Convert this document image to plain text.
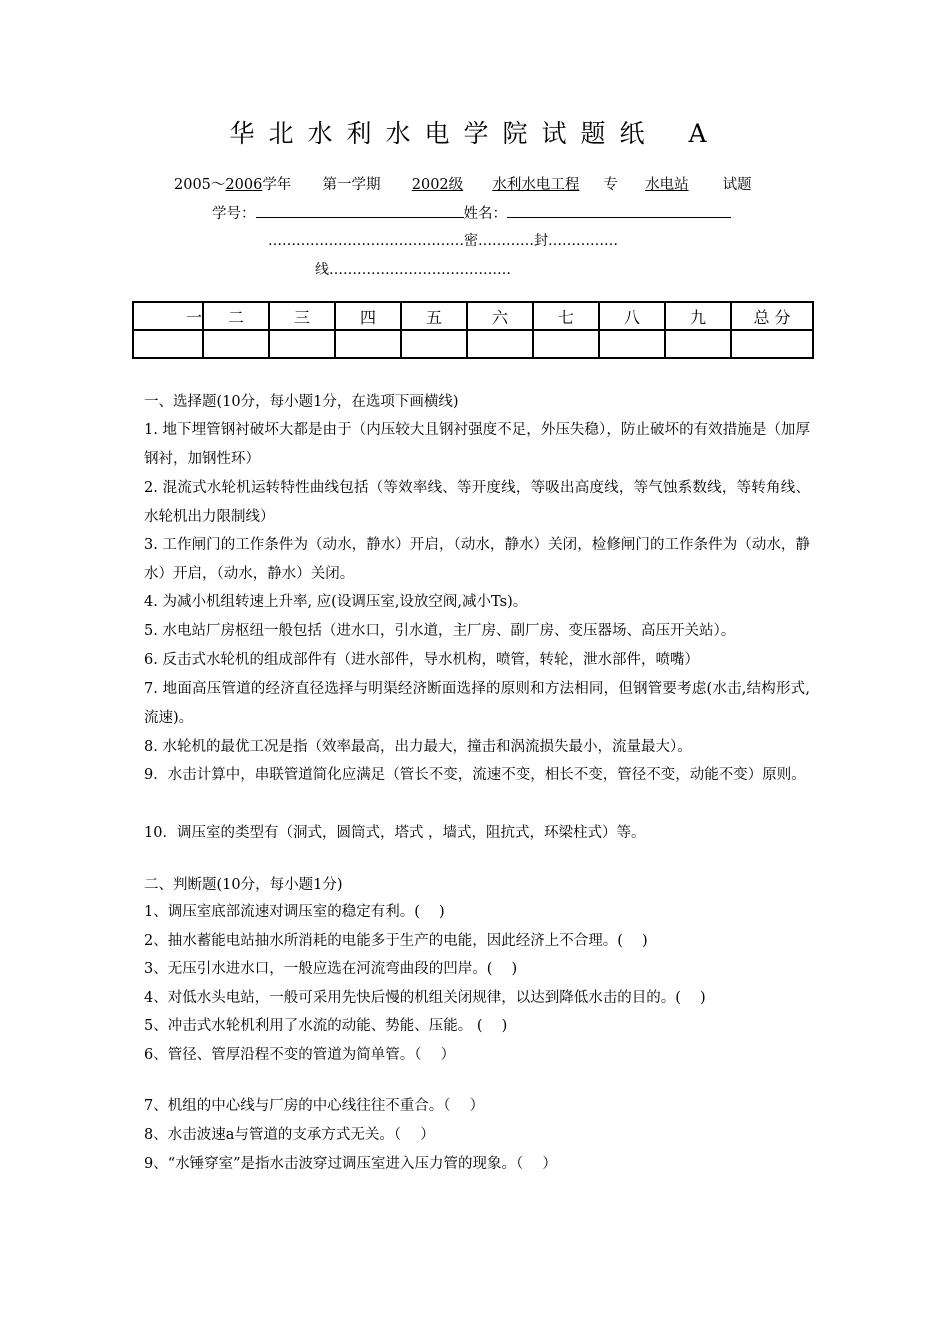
华北水利水电学院试题纸 A
2005～2006学年 第一学期 2002级 水利水电工程 专 水电站 试题
学号：	姓名：
……………………………………密…………封……………
线…………………………………
一	二	三	四	五	六	七	八	九	总 分

一、选择题(10分，每小题1分，在选项下画横线)
1. 地下埋管钢衬破坏大都是由于（内压较大且钢衬强度不足，外压失稳），防止破坏的有效措施是（加厚钢衬，加钢性环）
2. 混流式水轮机运转特性曲线包括（等效率线、等开度线，等吸出高度线，等气蚀系数线，等转角线、水轮机出力限制线）
3. 工作闸门的工作条件为（动水，静水）开启，（动水，静水）关闭，检修闸门的工作条件为（动水，静水）开启，（动水，静水）关闭。
4. 为减小机组转速上升率, 应(设调压室,设放空阀,减小Ts)。
5. 水电站厂房枢纽一般包括（进水口，引水道，主厂房、副厂房、变压器场、高压开关站）。
6. 反击式水轮机的组成部件有（进水部件，导水机构，喷管，转轮，泄水部件，喷嘴）
7. 地面高压管道的经济直径选择与明渠经济断面选择的原则和方法相同，但钢管要考虑(水击,结构形式,流速)。
8. 水轮机的最优工况是指（效率最高，出力最大，撞击和涡流损失最小，流量最大）。
9．水击计算中，串联管道简化应满足（管长不变，流速不变，相长不变，管径不变，动能不变）原则。
10．调压室的类型有（洞式，圆筒式，塔式 ，墙式，阻抗式，环梁柱式）等。
二、判断题(10分，每小题1分)
1、调压室底部流速对调压室的稳定有利。(　 )
2、抽水蓄能电站抽水所消耗的电能多于生产的电能，因此经济上不合理。(　 )
3、无压引水进水口，一般应选在河流弯曲段的凹岸。(　 )
4、对低水头电站，一般可采用先快后慢的机组关闭规律，以达到降低水击的目的。(　 )
5、冲击式水轮机利用了水流的动能、势能、压能。 (　 )
6、管径、管厚沿程不变的管道为简单管。（　 ）
7、机组的中心线与厂房的中心线往往不重合。（　 ）
8、水击波速a与管道的支承方式无关。（　 ）
9、“水锤穿室”是指水击波穿过调压室进入压力管的现象。（　 ）
